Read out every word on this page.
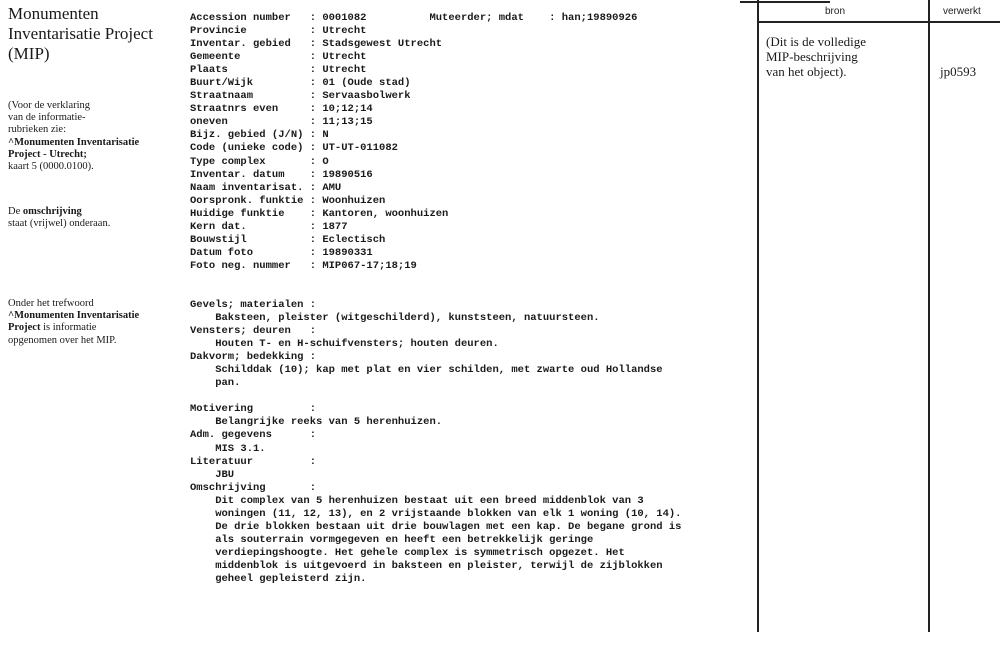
Monumenten Inventarisatie Project (MIP)
(Voor de verklaring
van de informatie-
rubrieken zie:
^Monumenten Inventarisatie Project - Utrecht;
kaart 5 (0000.0100).
De omschrijving
staat (vrijwel) onderaan.
Onder het trefwoord
^Monumenten Inventarisatie
Project is informatie
opgenomen over het MIP.
Accession number   : 0001082          Muteerder; mdat    : han;19890926
Provincie          : Utrecht
Inventar. gebied   : Stadsgewest Utrecht
Gemeente           : Utrecht
Plaats             : Utrecht
Buurt/Wijk         : 01 (Oude stad)
Straatnaam         : Servaasbolwerk
Straatnrs even     : 10;12;14
oneven             : 11;13;15
Bijz. gebied (J/N) : N
Code (unieke code) : UT-UT-011082
Type complex       : O
Inventar. datum    : 19890516
Naam inventarisat. : AMU
Oorspronk. funktie : Woonhuizen
Huidige funktie    : Kantoren, woonhuizen
Kern dat.          : 1877
Bouwstijl          : Eclectisch
Datum foto         : 19890331
Foto neg. nummer   : MIP067-17;18;19
Gevels; materialen :
Baksteen, pleister (witgeschilderd), kunststeen, natuursteen.
Vensters; deuren   :
Houten T- en H-schuifvensters; houten deuren.
Dakvorm; bedekking :
Schilddak (10); kap met plat en vier schilden, met zwarte oud Hollandse
pan.
Motivering         :
Belangrijke reeks van 5 herenhuizen.
Adm. gegevens      :
MIS 3.1.
Literatuur         :
JBU
Omschrijving       :
Dit complex van 5 herenhuizen bestaat uit een breed middenblok van 3
woningen (11, 12, 13), en 2 vrijstaande blokken van elk 1 woning (10, 14).
De drie blokken bestaan uit drie bouwlagen met een kap. De begane grond is
als souterrain vormgegeven en heeft een betrekkelijk geringe
verdiepingshoogte. Het gehele complex is symmetrisch opgezet. Het
middenblok is uitgevoerd in baksteen en pleister, terwijl de zijblokken
geheel gepleisterd zijn.
bron	verwerkt
(Dit is de volledige
MIP-beschrijving
van het object).	jp0593
